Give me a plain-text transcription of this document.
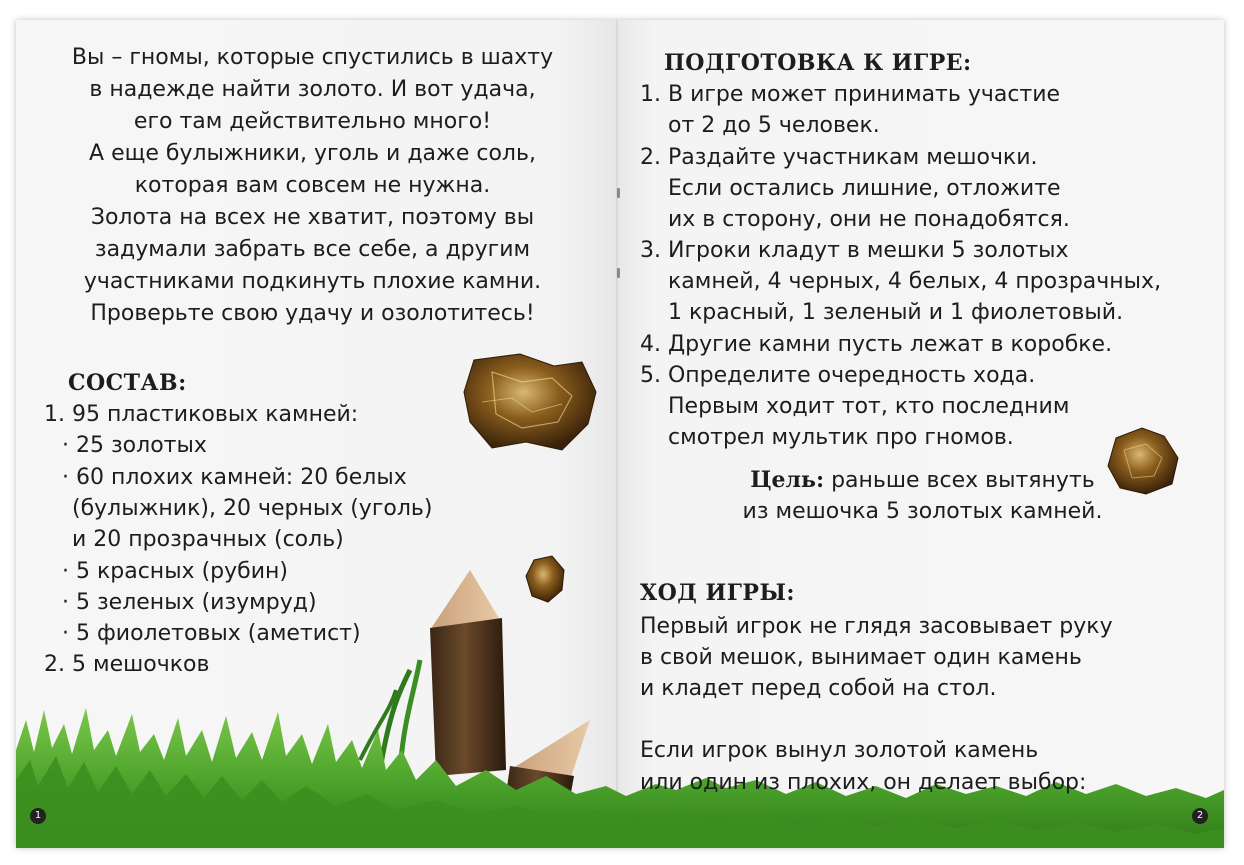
Вы – гномы, которые спустились в шахту

в надежде найти золото. И вот удача,

его там действительно много!

А еще булыжники, уголь и даже соль,

которая вам совсем не нужна.

Золота на всех не хватит, поэтому вы

задумали забрать все себе, а другим

участниками подкинуть плохие камни.

Проверьте свою удачу и озолотитесь!

СОСТАВ:
1. 95 пластиковых камней:
· 25 золотых
· 60 плохих камней: 20 белых
(булыжник), 20 черных (уголь)
и 20 прозрачных (соль)
· 5 красных (рубин)
· 5 зеленых (изумруд)
· 5 фиолетовых (аметист)
2. 5 мешочков
1
ПОДГОТОВКА К ИГРЕ:
1. В игре может принимать участие
от 2 до 5 человек.
2. Раздайте участникам мешочки.
Если остались лишние, отложите
их в сторону, они не понадобятся.
3. Игроки кладут в мешки 5 золотых
камней, 4 черных, 4 белых, 4 прозрачных,
1 красный, 1 зеленый и 1 фиолетовый.
4. Другие камни пусть лежат в коробке.
5. Определите очередность хода.
Первым ходит тот, кто последним
смотрел мультик про гномов.
Цель: раньше всех вытянуть
из мешочка 5 золотых камней.
ХОД ИГРЫ:
Первый игрок не глядя засовывает руку
в свой мешок, вынимает один камень
и кладет перед собой на стол.
Если игрок вынул золотой камень
или один из плохих, он делает выбор:
2
